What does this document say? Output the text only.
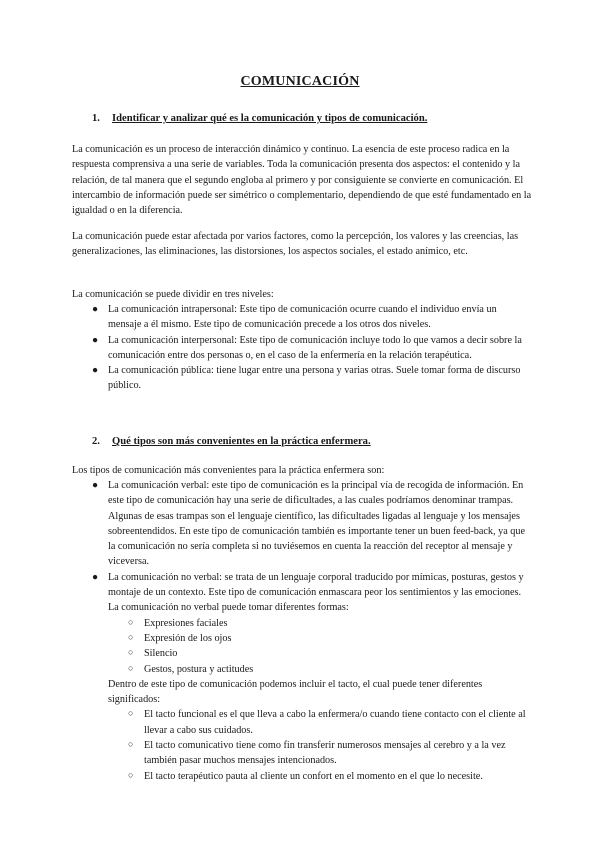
COMUNICACIÓN
1. Identificar y analizar qué es la comunicación y tipos de comunicación.
La comunicación es un proceso de interacción dinámico y continuo. La esencia de este proceso radica en la respuesta comprensiva a una serie de variables. Toda la comunicación presenta dos aspectos: el contenido y la relación, de tal manera que el segundo engloba al primero y por consiguiente se convierte en comunicación. El intercambio de información puede ser simétrico o complementario, dependiendo de que esté fundamentado en la igualdad o en la diferencia.
La comunicación puede estar afectada por varios factores, como la percepción, los valores y las creencias, las generalizaciones, las eliminaciones, las distorsiones, los aspectos sociales, el estado anímico, etc.
La comunicación se puede dividir en tres niveles:
● La comunicación intrapersonal: Este tipo de comunicación ocurre cuando el individuo envía un mensaje a él mismo. Este tipo de comunicación precede a los otros dos niveles.
● La comunicación interpersonal: Este tipo de comunicación incluye todo lo que vamos a decir sobre la comunicación entre dos personas o, en el caso de la enfermería en la relación terapéutica.
● La comunicación pública: tiene lugar entre una persona y varias otras. Suele tomar forma de discurso público.
2. Qué tipos son más convenientes en la práctica enfermera.
Los tipos de comunicación más convenientes para la práctica enfermera son:
● La comunicación verbal: este tipo de comunicación es la principal vía de recogida de información. En este tipo de comunicación hay una serie de dificultades, a las cuales podríamos denominar trampas. Algunas de esas trampas son el lenguaje científico, las dificultades ligadas al lenguaje y los mensajes sobreentendidos. En este tipo de comunicación también es importante tener un buen feed-back, ya que la comunicación no sería completa si no tuviésemos en cuenta la reacción del receptor al mensaje y viceversa.
● La comunicación no verbal: se trata de un lenguaje corporal traducido por mímicas, posturas, gestos y montaje de un contexto. Este tipo de comunicación enmascara peor los sentimientos y las emociones. La comunicación no verbal puede tomar diferentes formas:
○ Expresiones faciales
○ Expresión de los ojos
○ Silencio
○ Gestos, postura y actitudes
Dentro de este tipo de comunicación podemos incluir el tacto, el cual puede tener diferentes significados:
○ El tacto funcional es el que lleva a cabo la enfermera/o cuando tiene contacto con el cliente al llevar a cabo sus cuidados.
○ El tacto comunicativo tiene como fin transferir numerosos mensajes al cerebro y a la vez también pasar muchos mensajes intencionados.
○ El tacto terapéutico pauta al cliente un confort en el momento en el que lo necesite.
